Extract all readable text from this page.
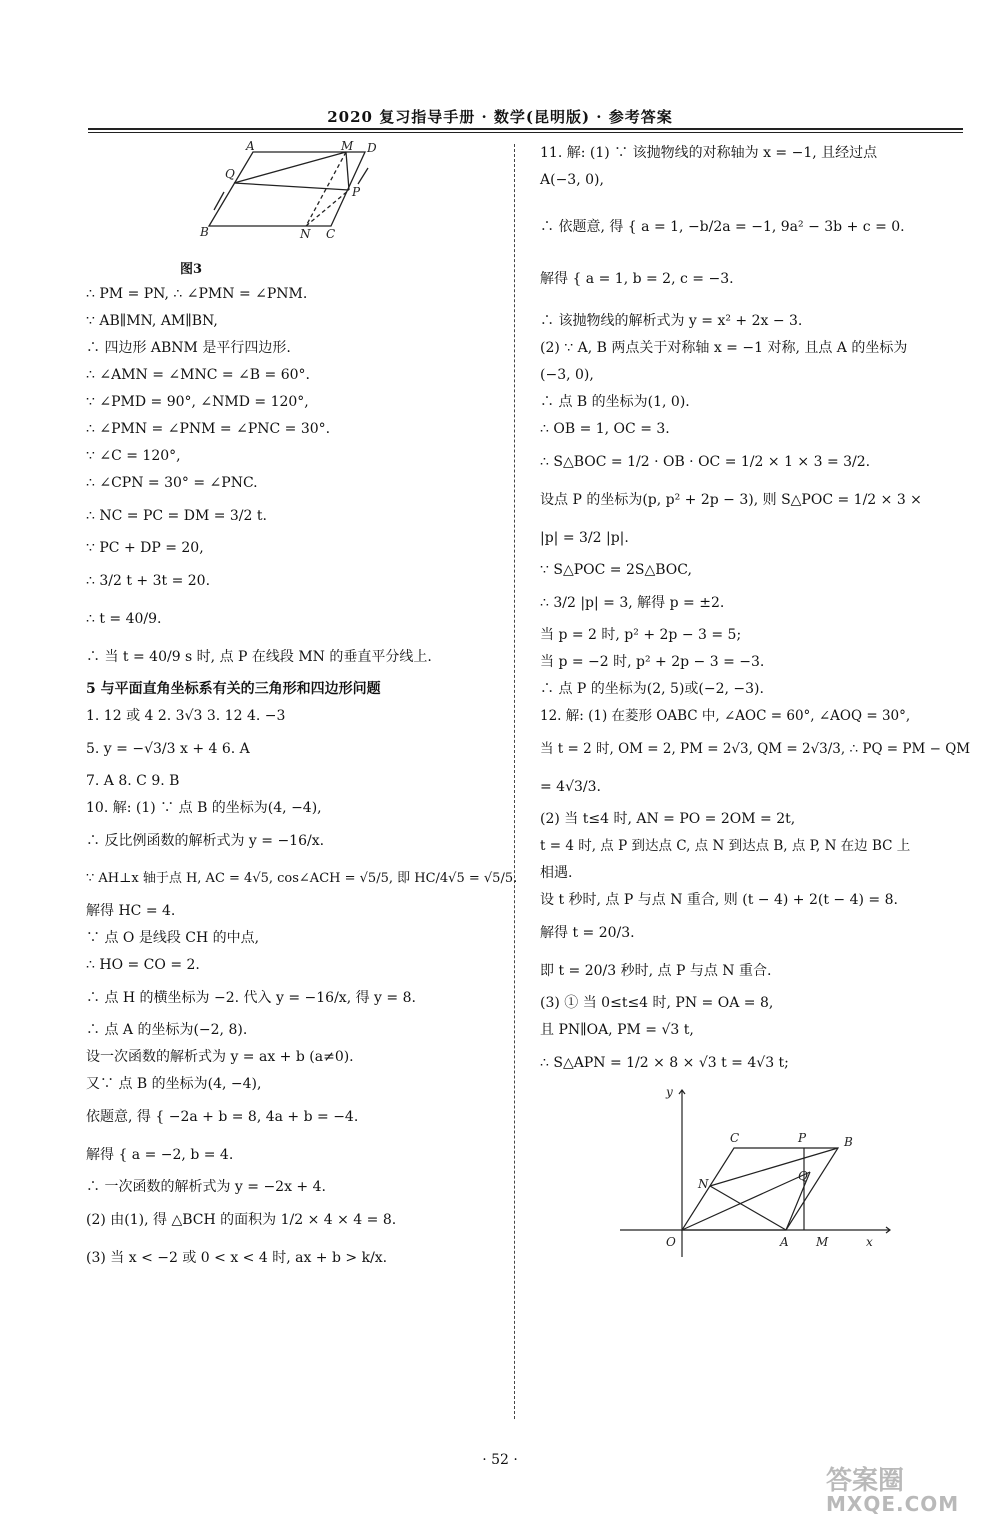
2020 复习指导手册 · 数学(昆明版) · 参考答案
A	M D
Q
P
B	N C

图3

∴ PM = PN, ∴ ∠PMN = ∠PNM.

∵ AB∥MN, AM∥BN,

∴ 四边形 ABNM 是平行四边形.

∴ ∠AMN = ∠MNC = ∠B = 60°.

∵ ∠PMD = 90°, ∠NMD = 120°,

∴ ∠PMN = ∠PNM = ∠PNC = 30°.

∵ ∠C = 120°,

∴ ∠CPN = 30° = ∠PNC.

∴ NC = PC = DM = 3/2 t.

∵ PC + DP = 20,

∴ 3/2 t + 3t = 20.

∴ t = 40/9.

∴ 当 t = 40/9 s 时, 点 P 在线段 MN 的垂直平分线上.

5 与平面直角坐标系有关的三角形和四边形问题

1. 12 或 4 2. 3√3 3. 12 4. −3

5. y = −√3/3 x + 4 6. A

7. A 8. C 9. B

10. 解: (1) ∵ 点 B 的坐标为(4, −4),

∴ 反比例函数的解析式为 y = −16/x.

∵ AH⊥x 轴于点 H, AC = 4√5, cos∠ACH = √5/5, 即 HC/4√5 = √5/5.

解得 HC = 4.

∵ 点 O 是线段 CH 的中点,

∴ HO = CO = 2.

∴ 点 H 的横坐标为 −2. 代入 y = −16/x, 得 y = 8.

∴ 点 A 的坐标为(−2, 8).

设一次函数的解析式为 y = ax + b (a≠0).

又∵ 点 B 的坐标为(4, −4),

依题意, 得 { −2a + b = 8, 4a + b = −4.

解得 { a = −2, b = 4.

∴ 一次函数的解析式为 y = −2x + 4.

(2) 由(1), 得 △BCH 的面积为 1/2 × 4 × 4 = 8.

(3) 当 x < −2 或 0 < x < 4 时, ax + b > k/x.

11. 解: (1) ∵ 该抛物线的对称轴为 x = −1, 且经过点

A(−3, 0),

∴ 依题意, 得 { a = 1, −b/2a = −1, 9a² − 3b + c = 0.

解得 { a = 1, b = 2, c = −3.

∴ 该抛物线的解析式为 y = x² + 2x − 3.

(2) ∵ A, B 两点关于对称轴 x = −1 对称, 且点 A 的坐标为

(−3, 0),

∴ 点 B 的坐标为(1, 0).

∴ OB = 1, OC = 3.

∴ S△BOC = 1/2 · OB · OC = 1/2 × 1 × 3 = 3/2.

设点 P 的坐标为(p, p² + 2p − 3), 则 S△POC = 1/2 × 3 ×

|p| = 3/2 |p|.

∵ S△POC = 2S△BOC,

∴ 3/2 |p| = 3, 解得 p = ±2.

当 p = 2 时, p² + 2p − 3 = 5;

当 p = −2 时, p² + 2p − 3 = −3.

∴ 点 P 的坐标为(2, 5)或(−2, −3).

12. 解: (1) 在菱形 OABC 中, ∠AOC = 60°, ∠AOQ = 30°,

当 t = 2 时, OM = 2, PM = 2√3, QM = 2√3/3, ∴ PQ = PM − QM

= 4√3/3.

(2) 当 t≤4 时, AN = PO = 2OM = 2t,

t = 4 时, 点 P 到达点 C, 点 N 到达点 B, 点 P, N 在边 BC 上

相遇.

设 t 秒时, 点 P 与点 N 重合, 则 (t − 4) + 2(t − 4) = 8.

解得 t = 20/3.

即 t = 20/3 秒时, 点 P 与点 N 重合.

(3) ① 当 0≤t≤4 时, PN = OA = 8,

且 PN∥OA, PM = √3 t,

∴ S△APN = 1/2 × 8 × √3 t = 4√3 t;

y
x
O	A M
C	P	B
N
Q
· 52 ·
答案圈
MXQE.COM
